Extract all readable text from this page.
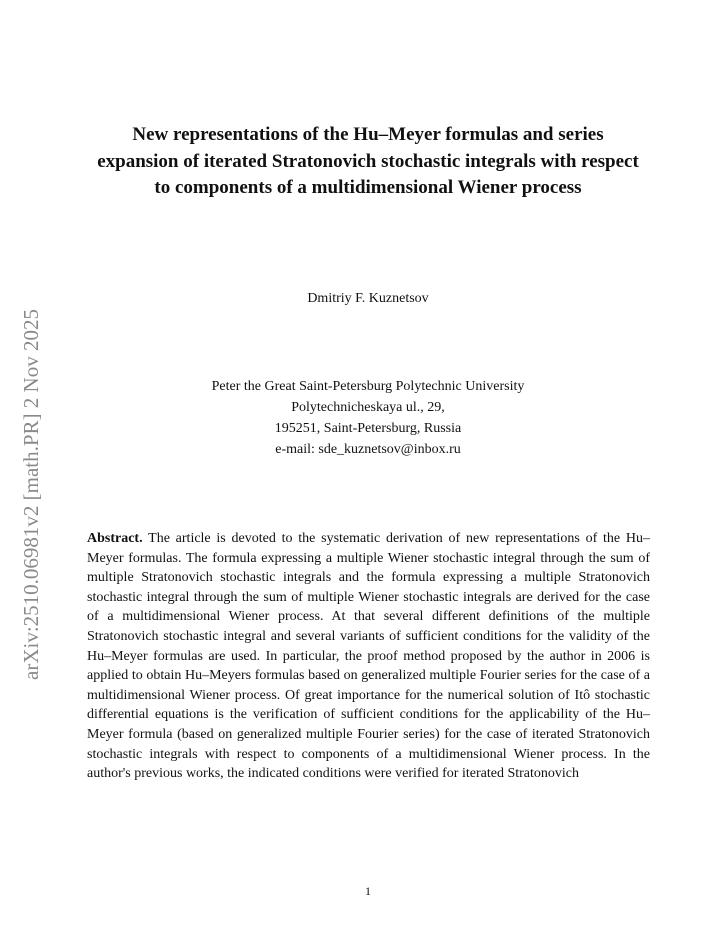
arXiv:2510.06981v2 [math.PR] 2 Nov 2025
New representations of the Hu–Meyer formulas and series expansion of iterated Stratonovich stochastic integrals with respect to components of a multidimensional Wiener process

Dmitriy F. Kuznetsov

Peter the Great Saint-Petersburg Polytechnic University
Polytechnicheskaya ul., 29,
195251, Saint-Petersburg, Russia
e-mail: sde_kuznetsov@inbox.ru

Abstract. The article is devoted to the systematic derivation of new representations of the Hu–Meyer formulas. The formula expressing a multiple Wiener stochastic integral through the sum of multiple Stratonovich stochastic integrals and the formula expressing a multiple Stratonovich stochastic integral through the sum of multiple Wiener stochastic integrals are derived for the case of a multidimensional Wiener process. At that several different definitions of the multiple Stratonovich stochastic integral and several variants of sufficient conditions for the validity of the Hu–Meyer formulas are used. In particular, the proof method proposed by the author in 2006 is applied to obtain Hu–Meyers formulas based on generalized multiple Fourier series for the case of a multidimensional Wiener process. Of great importance for the numerical solution of Itô stochastic differential equations is the verification of sufficient conditions for the applicability of the Hu–Meyer formula (based on generalized multiple Fourier series) for the case of iterated Stratonovich stochastic integrals with respect to components of a multidimensional Wiener process. In the author's previous works, the indicated conditions were verified for iterated Stratonovich

1
